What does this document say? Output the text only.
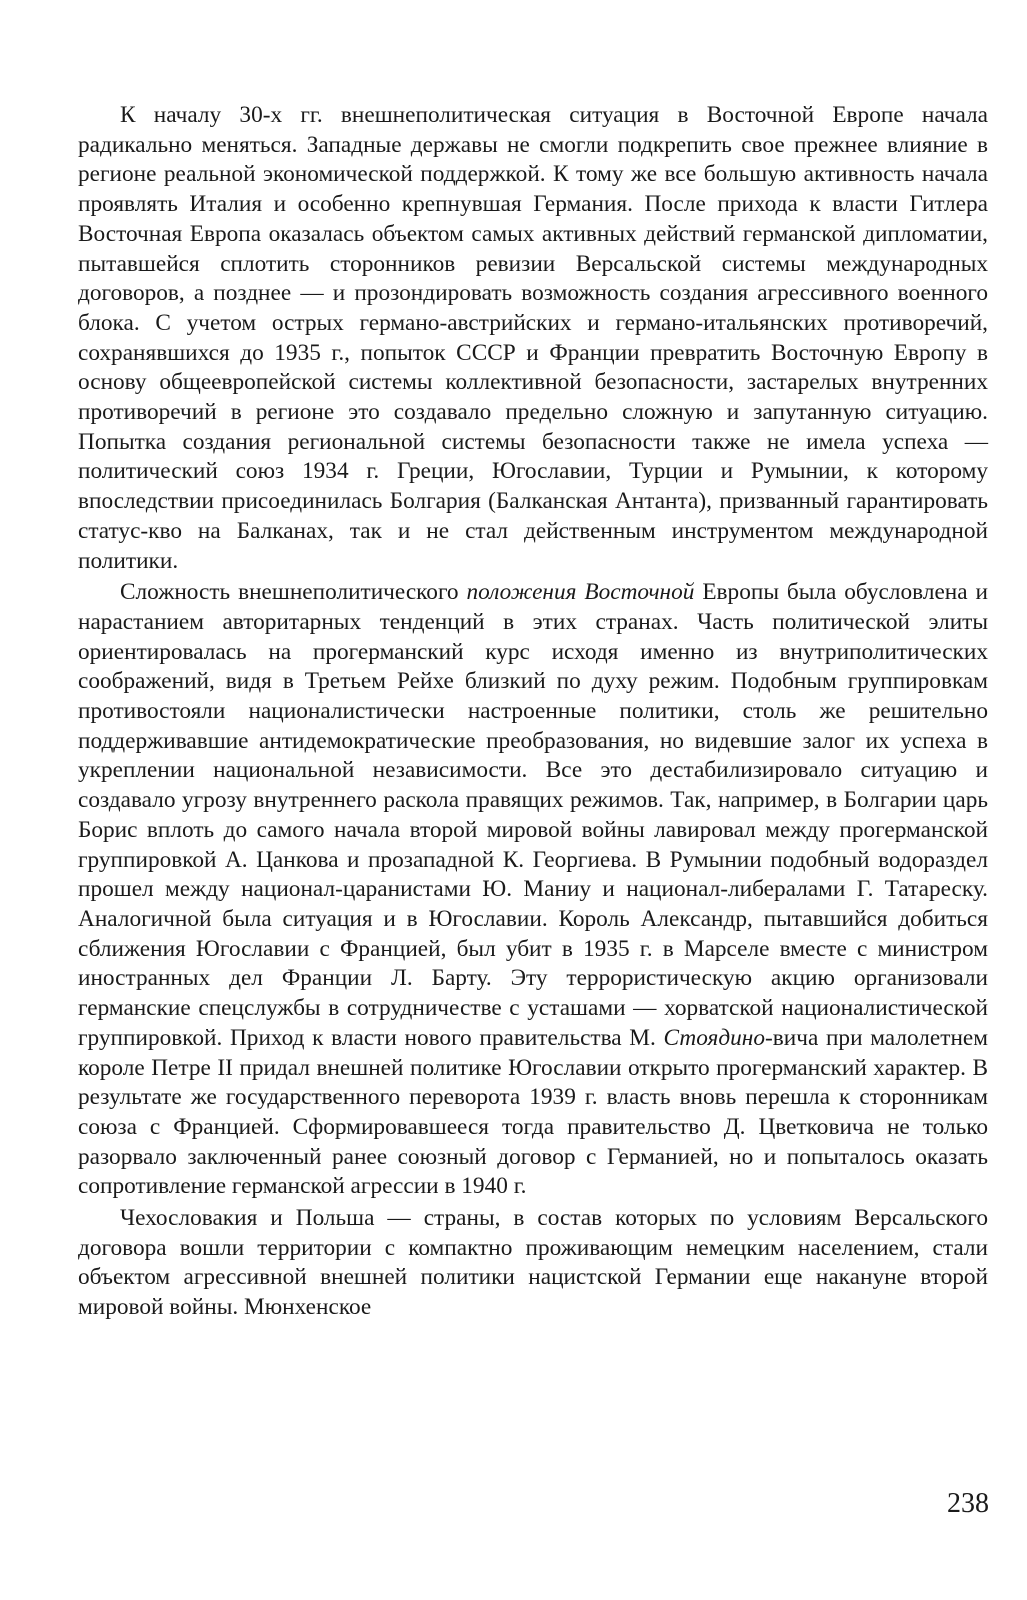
К началу 30-х гг. внешнеполитическая ситуация в Восточной Европе начала радикально меняться. Западные державы не смогли подкрепить свое прежнее влияние в регионе реальной экономической поддержкой. К тому же все большую активность начала проявлять Италия и особенно крепнувшая Германия. После прихода к власти Гитлера Восточная Европа оказалась объектом самых активных действий германской дипломатии, пытавшейся сплотить сторонников ревизии Версальской системы международных договоров, а позднее — и прозондировать возможность создания агрессивного военного блока. С учетом острых германо-австрийских и германо-итальянских противоречий, сохранявшихся до 1935 г., попыток СССР и Франции превратить Восточную Европу в основу общеевропейской системы коллективной безопасности, застарелых внутренних противоречий в регионе это создавало предельно сложную и запутанную ситуацию. Попытка создания региональной системы безопасности также не имела успеха — политический союз 1934 г. Греции, Югославии, Турции и Румынии, к которому впоследствии присоединилась Болгария (Балканская Антанта), призванный гарантировать статус-кво на Балканах, так и не стал действенным инструментом международной политики.

Сложность внешнеполитического положения Восточной Европы была обусловлена и нарастанием авторитарных тенденций в этих странах. Часть политической элиты ориентировалась на прогерманский курс исходя именно из внутриполитических соображений, видя в Третьем Рейхе близкий по духу режим. Подобным группировкам противостояли националистически настроенные политики, столь же решительно поддерживавшие антидемократические преобразования, но видевшие залог их успеха в укреплении национальной независимости. Все это дестабилизировало ситуацию и создавало угрозу внутреннего раскола правящих режимов. Так, например, в Болгарии царь Борис вплоть до самого начала второй мировой войны лавировал между прогерманской группировкой А. Цанкова и прозападной К. Георгиева. В Румынии подобный водораздел прошел между национал-царанистами Ю. Маниу и национал-либералами Г. Татареску. Аналогичной была ситуация и в Югославии. Король Александр, пытавшийся добиться сближения Югославии с Францией, был убит в 1935 г. в Марселе вместе с министром иностранных дел Франции Л. Барту. Эту террористическую акцию организовали германские спецслужбы в сотрудничестве с усташами — хорватской националистической группировкой. Приход к власти нового правительства М. Стоядино-вича при малолетнем короле Петре II придал внешней политике Югославии открыто прогерманский характер. В результате же государственного переворота 1939 г. власть вновь перешла к сторонникам союза с Францией. Сформировавшееся тогда правительство Д. Цветковича не только разорвало заключенный ранее союзный договор с Германией, но и попыталось оказать сопротивление германской агрессии в 1940 г.

Чехословакия и Польша — страны, в состав которых по условиям Версальского договора вошли территории с компактно проживающим немецким населением, стали объектом агрессивной внешней политики нацистской Германии еще накануне второй мировой войны. Мюнхенское

238
